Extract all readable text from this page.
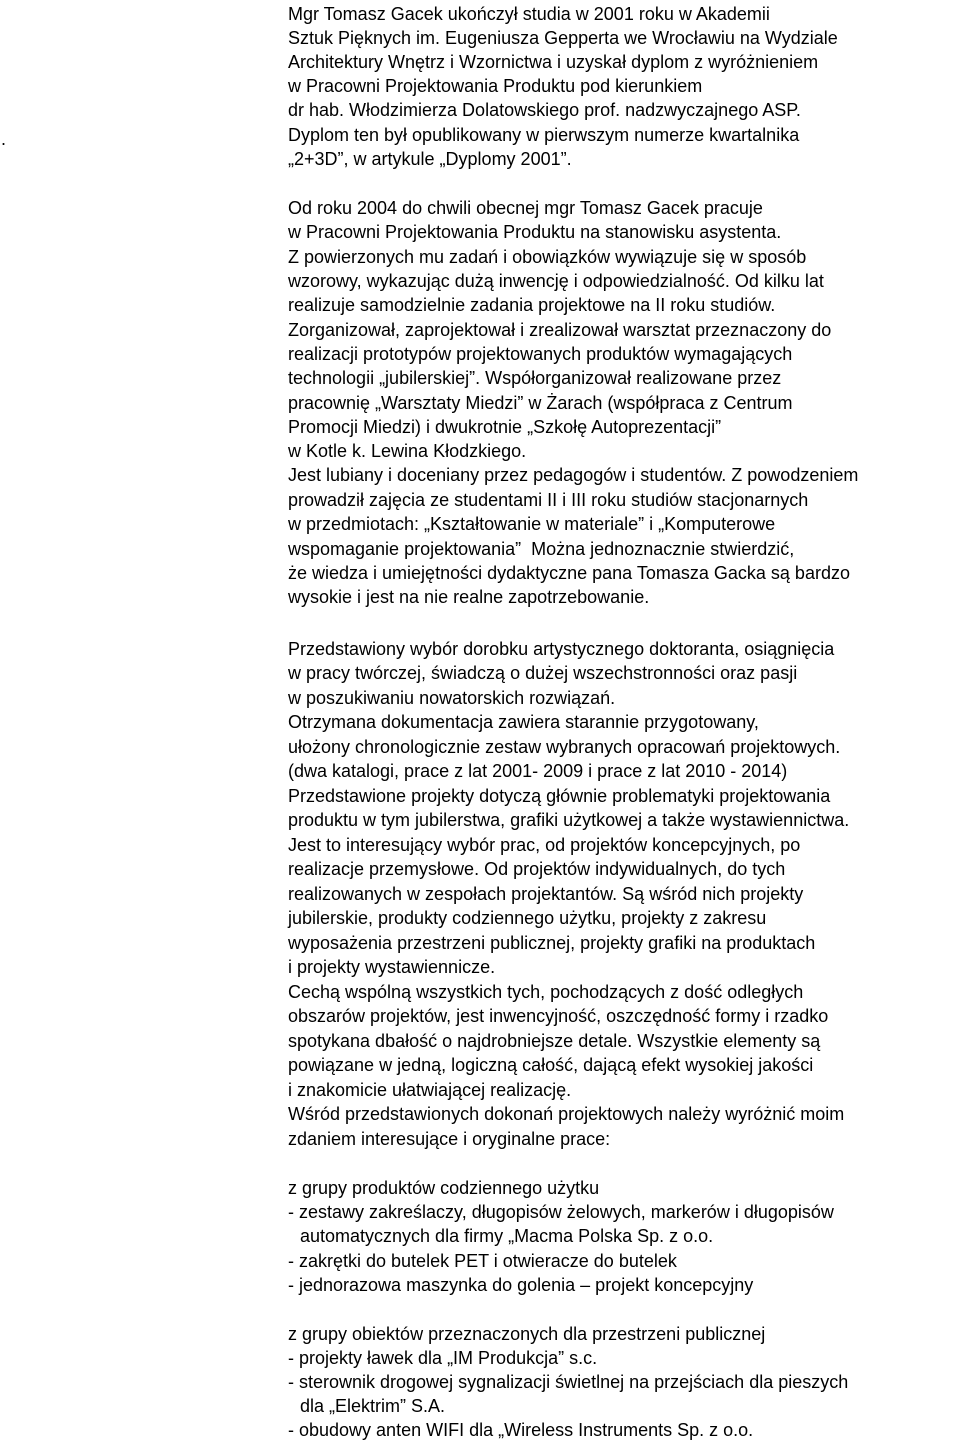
.
Mgr Tomasz Gacek ukończył studia w 2001 roku w Akademii
Sztuk Pięknych im. Eugeniusza Gepperta we Wrocławiu na Wydziale
Architektury Wnętrz i Wzornictwa i uzyskał dyplom z wyróżnieniem
w Pracowni Projektowania Produktu pod kierunkiem
dr hab. Włodzimierza Dolatowskiego prof. nadzwyczajnego ASP.
Dyplom ten był opublikowany w pierwszym numerze kwartalnika
„2+3D”, w artykule „Dyplomy 2001”.
Od roku 2004 do chwili obecnej mgr Tomasz Gacek pracuje
w Pracowni Projektowania Produktu na stanowisku asystenta.
Z powierzonych mu zadań i obowiązków wywiązuje się w sposób
wzorowy, wykazując dużą inwencję i odpowiedzialność. Od kilku lat
realizuje samodzielnie zadania projektowe na II roku studiów.
Zorganizował, zaprojektował i zrealizował warsztat przeznaczony do
realizacji prototypów projektowanych produktów wymagających
technologii „jubilerskiej”. Współorganizował realizowane przez
pracownię „Warsztaty Miedzi” w Żarach (współpraca z Centrum
Promocji Miedzi) i dwukrotnie „Szkołę Autoprezentacji”
w Kotle k. Lewina Kłodzkiego.
Jest lubiany i doceniany przez pedagogów i studentów. Z powodzeniem
prowadził zajęcia ze studentami II i III roku studiów stacjonarnych
w przedmiotach: „Kształtowanie w materiale” i „Komputerowe
wspomaganie projektowania”  Można jednoznacznie stwierdzić,
że wiedza i umiejętności dydaktyczne pana Tomasza Gacka są bardzo
wysokie i jest na nie realne zapotrzebowanie.
Przedstawiony wybór dorobku artystycznego doktoranta, osiągnięcia
w pracy twórczej, świadczą o dużej wszechstronności oraz pasji
w poszukiwaniu nowatorskich rozwiązań.
Otrzymana dokumentacja zawiera starannie przygotowany,
ułożony chronologicznie zestaw wybranych opracowań projektowych.
(dwa katalogi, prace z lat 2001- 2009 i prace z lat 2010 - 2014)
Przedstawione projekty dotyczą głównie problematyki projektowania
produktu w tym jubilerstwa, grafiki użytkowej a także wystawiennictwa.
Jest to interesujący wybór prac, od projektów koncepcyjnych, po
realizacje przemysłowe. Od projektów indywidualnych, do tych
realizowanych w zespołach projektantów. Są wśród nich projekty
jubilerskie, produkty codziennego użytku, projekty z zakresu
wyposażenia przestrzeni publicznej, projekty grafiki na produktach
i projekty wystawiennicze.
Cechą wspólną wszystkich tych, pochodzących z dość odległych
obszarów projektów, jest inwencyjność, oszczędność formy i rzadko
spotykana dbałość o najdrobniejsze detale. Wszystkie elementy są
powiązane w jedną, logiczną całość, dającą efekt wysokiej jakości
i znakomicie ułatwiającej realizację.
Wśród przedstawionych dokonań projektowych należy wyróżnić moim
zdaniem interesujące i oryginalne prace:
z grupy produktów codziennego użytku
- zestawy zakreślaczy, długopisów żelowych, markerów i długopisów
automatycznych dla firmy „Macma Polska Sp. z o.o.
- zakrętki do butelek PET i otwieracze do butelek
- jednorazowa maszynka do golenia – projekt koncepcyjny
z grupy obiektów przeznaczonych dla przestrzeni publicznej
- projekty ławek dla „IM Produkcja” s.c.
- sterownik drogowej sygnalizacji świetlnej na przejściach dla pieszych
dla „Elektrim” S.A.
- obudowy anten WIFI dla „Wireless Instruments Sp. z o.o.
